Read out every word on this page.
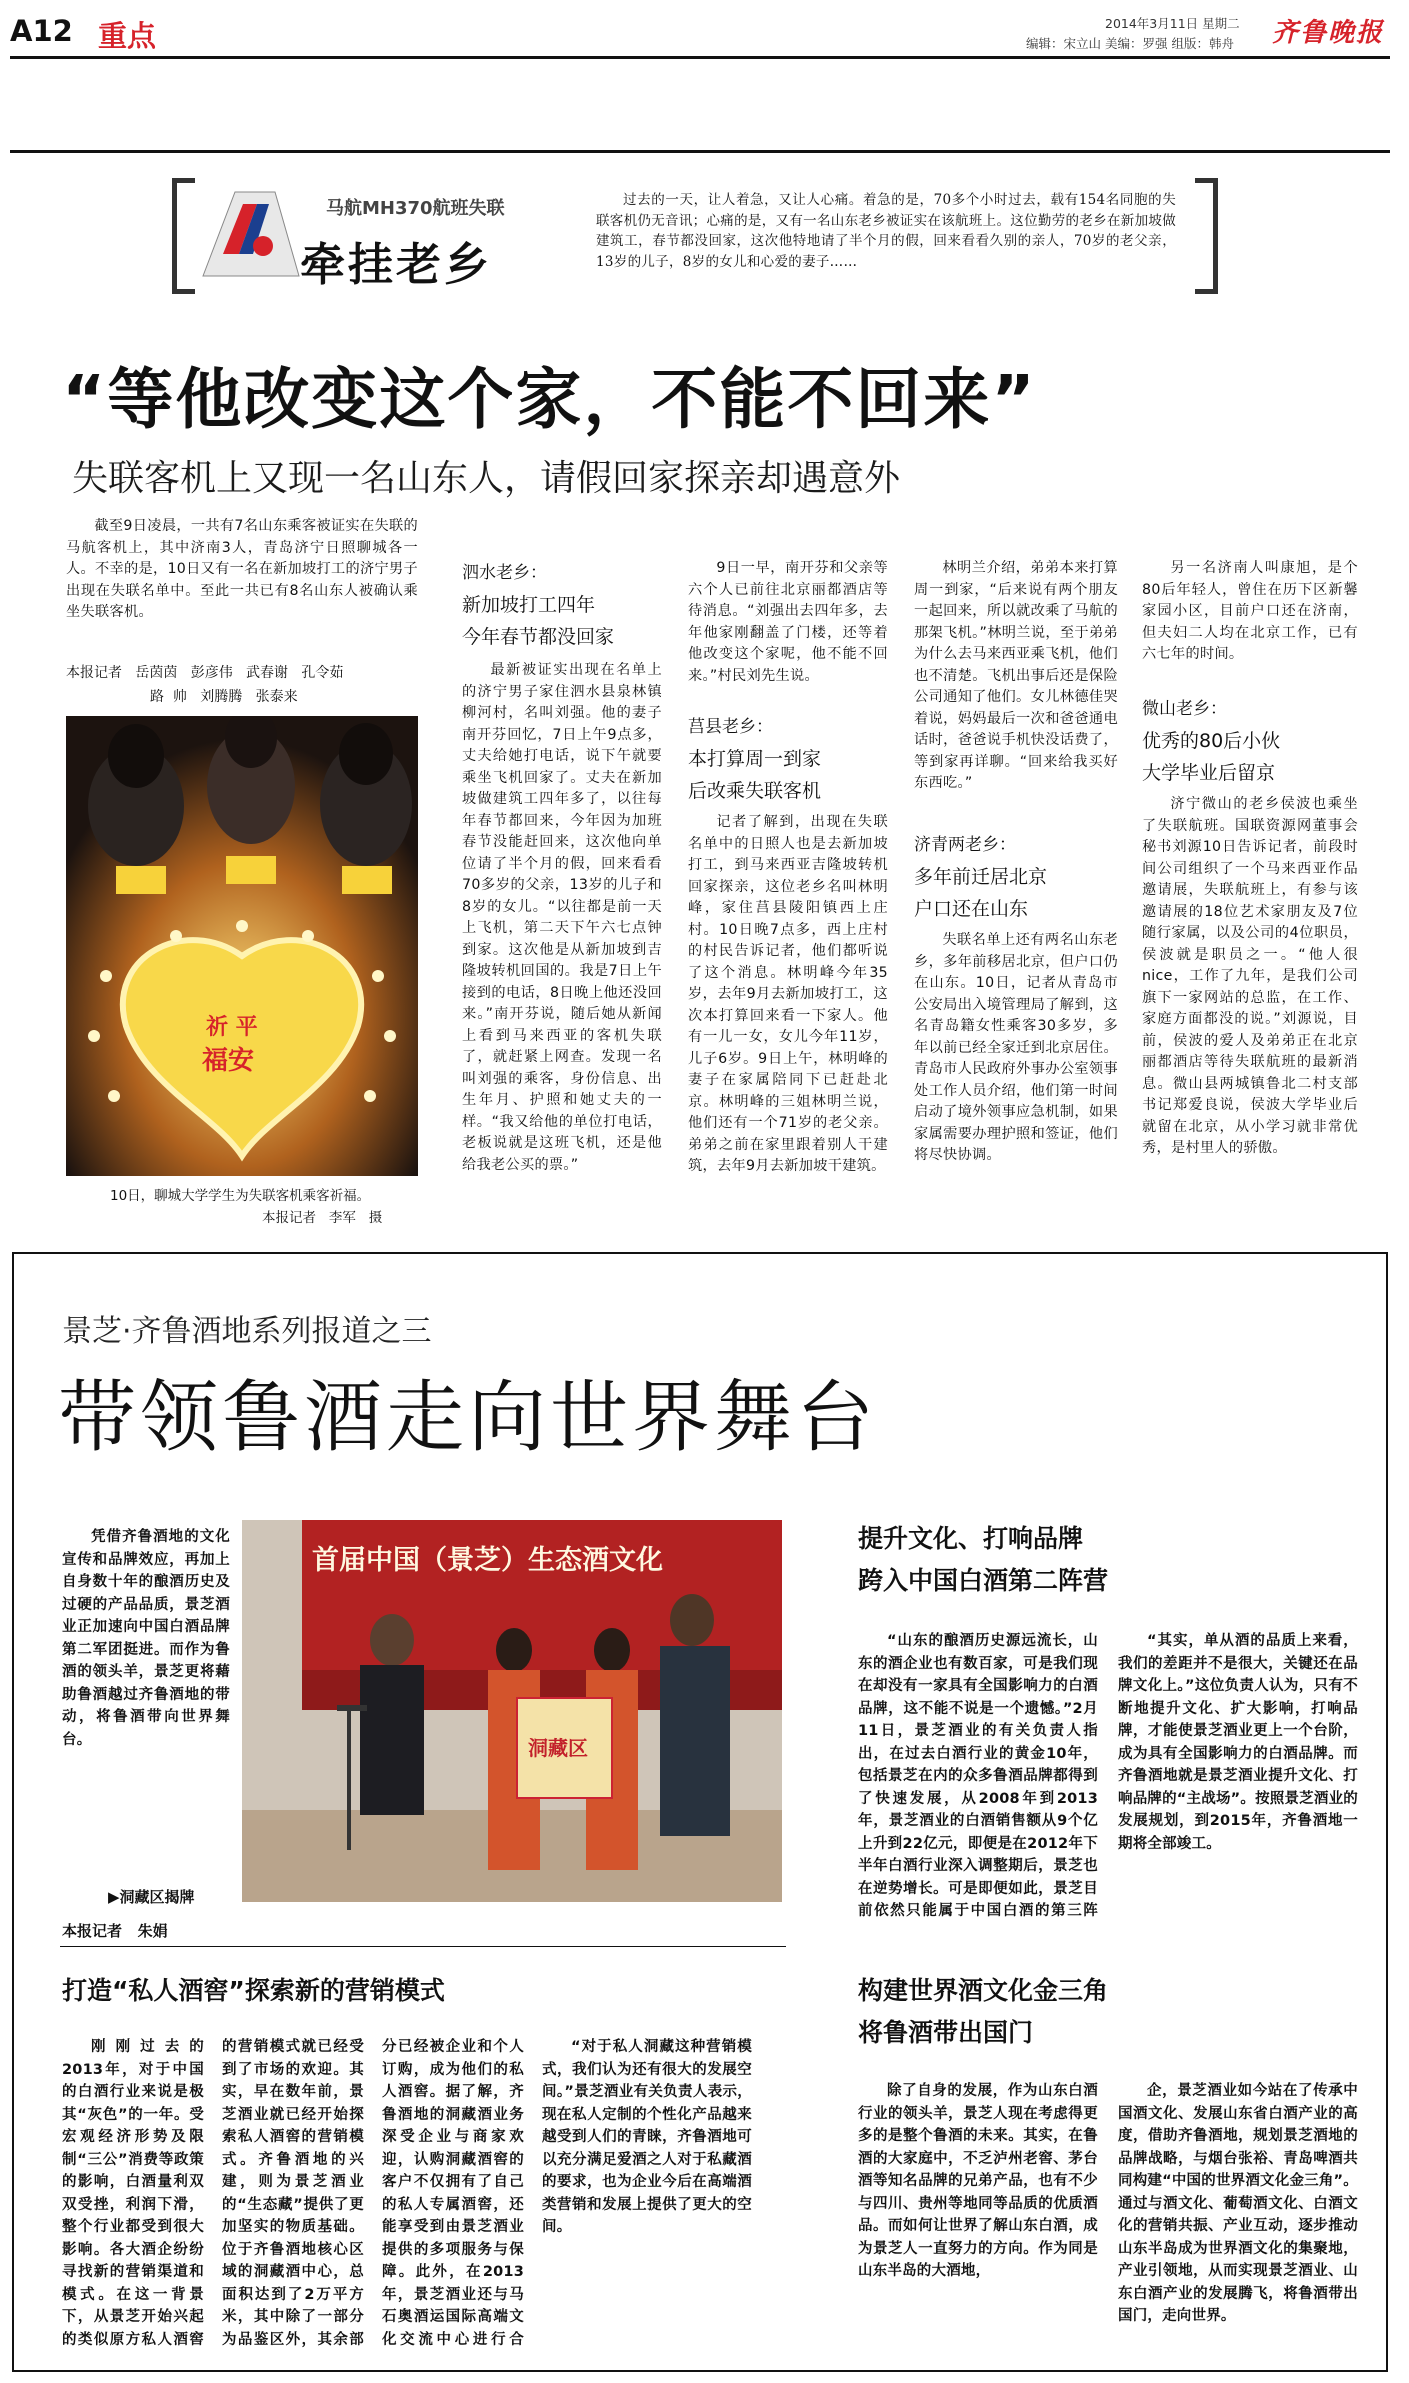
A12 重点	2014年3月11日 星期二
编辑：宋立山 美编：罗强 组版：韩舟 齐鲁晚报
马航MH370航班失联
牵挂老乡
过去的一天，让人着急，又让人心痛。着急的是，70多个小时过去，载有154名同胞的失联客机仍无音讯；心痛的是，又有一名山东老乡被证实在该航班上。这位勤劳的老乡在新加坡做建筑工，春节都没回家，这次他特地请了半个月的假，回来看看久别的亲人，70岁的老父亲，13岁的儿子，8岁的女儿和心爱的妻子……
“等他改变这个家，不能不回来”
失联客机上又现一名山东人，请假回家探亲却遇意外

截至9日凌晨，一共有7名山东乘客被证实在失联的马航客机上，其中济南3人，青岛济宁日照聊城各一人。不幸的是，10日又有一名在新加坡打工的济宁男子出现在失联名单中。至此一共已有8名山东人被确认乘坐失联客机。

本报记者   岳茵茵   彭彦伟   武春谢   孔令茹
路  帅   刘腾腾   张泰来
祈 平
福安
10日，聊城大学学生为失联客机乘客祈福。
本报记者   李军   摄
泗水老乡：
新加坡打工四年
今年春节都没回家

最新被证实出现在名单上的济宁男子家住泗水县泉林镇柳河村，名叫刘强。他的妻子南开芬回忆，7日上午9点多，丈夫给她打电话，说下午就要乘坐飞机回家了。丈夫在新加坡做建筑工四年多了，以往每年春节都回来，今年因为加班春节没能赶回来，这次他向单位请了半个月的假，回来看看70多岁的父亲，13岁的儿子和8岁的女儿。“以往都是前一天上飞机，第二天下午六七点钟到家。这次他是从新加坡到吉隆坡转机回国的。我是7日上午接到的电话，8日晚上他还没回来。”南开芬说，随后她从新闻上看到马来西亚的客机失联了，就赶紧上网查。发现一名叫刘强的乘客，身份信息、出生年月、护照和她丈夫的一样。“我又给他的单位打电话，老板说就是这班飞机，还是他给我老公买的票。”

9日一早，南开芬和父亲等六个人已前往北京丽都酒店等待消息。“刘强出去四年多，去年他家刚翻盖了门楼，还等着他改变这个家呢，他不能不回来。”村民刘先生说。

莒县老乡：
本打算周一到家
后改乘失联客机

记者了解到，出现在失联名单中的日照人也是去新加坡打工，到马来西亚吉隆坡转机回家探亲，这位老乡名叫林明峰，家住莒县陵阳镇西上庄村。10日晚7点多，西上庄村的村民告诉记者，他们都听说了这个消息。林明峰今年35岁，去年9月去新加坡打工，这次本打算回来看一下家人。他有一儿一女，女儿今年11岁，儿子6岁。9日上午，林明峰的妻子在家属陪同下已赶赴北京。林明峰的三姐林明兰说，他们还有一个71岁的老父亲。弟弟之前在家里跟着别人干建筑，去年9月去新加坡干建筑。

林明兰介绍，弟弟本来打算周一到家，“后来说有两个朋友一起回来，所以就改乘了马航的那架飞机。”林明兰说，至于弟弟为什么去马来西亚乘飞机，他们也不清楚。飞机出事后还是保险公司通知了他们。女儿林德佳哭着说，妈妈最后一次和爸爸通电话时，爸爸说手机快没话费了，等到家再详聊。“回来给我买好东西吃。”

济青两老乡：
多年前迁居北京
户口还在山东

失联名单上还有两名山东老乡，多年前移居北京，但户口仍在山东。10日，记者从青岛市公安局出入境管理局了解到，这名青岛籍女性乘客30多岁，多年以前已经全家迁到北京居住。青岛市人民政府外事办公室领事处工作人员介绍，他们第一时间启动了境外领事应急机制，如果家属需要办理护照和签证，他们将尽快协调。

另一名济南人叫康旭，是个80后年轻人，曾住在历下区新馨家园小区，目前户口还在济南，但夫妇二人均在北京工作，已有六七年的时间。

微山老乡：
优秀的80后小伙
大学毕业后留京

济宁微山的老乡侯波也乘坐了失联航班。国联资源网董事会秘书刘源10日告诉记者，前段时间公司组织了一个马来西亚作品邀请展，失联航班上，有参与该邀请展的18位艺术家朋友及7位随行家属，以及公司的4位职员，侯波就是职员之一。“他人很nice，工作了九年，是我们公司旗下一家网站的总监，在工作、家庭方面都没的说。”刘源说，目前，侯波的爱人及弟弟正在北京丽都酒店等待失联航班的最新消息。微山县两城镇鲁北二村支部书记郑爱良说，侯波大学毕业后就留在北京，从小学习就非常优秀，是村里人的骄傲。

景芝·齐鲁酒地系列报道之三
带领鲁酒走向世界舞台

凭借齐鲁酒地的文化宣传和品牌效应，再加上自身数十年的酿酒历史及过硬的产品品质，景芝酒业正加速向中国白酒品牌第二军团挺进。而作为鲁酒的领头羊，景芝更将藉助鲁酒越过齐鲁酒地的带动，将鲁酒带向世界舞台。

▶洞藏区揭牌
首届中国（景芝）生态酒文化
洞藏区
本报记者   朱娟
提升文化、打响品牌
跨入中国白酒第二阵营

“山东的酿酒历史源远流长，山东的酒企业也有数百家，可是我们现在却没有一家具有全国影响力的白酒品牌，这不能不说是一个遗憾。”2月11日，景芝酒业的有关负责人指出，在过去白酒行业的黄金10年，包括景芝在内的众多鲁酒品牌都得到了快速发展，从2008年到2013年，景芝酒业的白酒销售额从9个亿上升到22亿元，即便是在2012年下半年白酒行业深入调整期后，景芝也在逆势增长。可是即便如此，景芝目前依然只能属于中国白酒的第三阵

“其实，单从酒的品质上来看，我们的差距并不是很大，关键还在品牌文化上。”这位负责人认为，只有不断地提升文化、扩大影响，打响品牌，才能使景芝酒业更上一个台阶，成为具有全国影响力的白酒品牌。而齐鲁酒地就是景芝酒业提升文化、打响品牌的“主战场”。按照景芝酒业的发展规划，到2015年，齐鲁酒地一期将全部竣工。

打造“私人酒窖”探索新的营销模式

刚刚过去的2013年，对于中国的白酒行业来说是极其“灰色”的一年。受宏观经济形势及限制“三公”消费等政策的影响，白酒量利双双受挫，利润下滑，整个行业都受到很大影响。各大酒企纷纷寻找新的营销渠道和模式。在这一背景下，从景芝开始兴起的类似原方私人酒窖的营销模式就已经受到了市场的欢迎。其实，早在数年前，景芝酒业就已经开始探索私人酒窖的营销模式。齐鲁酒地的兴建，则为景芝酒业的“生态藏”提供了更加坚实的物质基础。位于齐鲁酒地核心区域的洞藏酒中心，总面积达到了2万平方米，其中除了一部分为品鉴区外，其余部分已经被企业和个人订购，成为他们的私人酒窖。据了解，齐鲁酒地的洞藏酒业务深受企业与商家欢迎，认购洞藏酒窖的客户不仅拥有了自己的私人专属酒窖，还能享受到由景芝酒业提供的多项服务与保障。此外，在2013年，景芝酒业还与马石奥酒运国际高端文化交流中心进行合

“对于私人洞藏这种营销模式，我们认为还有很大的发展空间。”景芝酒业有关负责人表示，现在私人定制的个性化产品越来越受到人们的青睐，齐鲁酒地可以充分满足爱酒之人对于私藏酒的要求，也为企业今后在高端酒类营销和发展上提供了更大的空间。

构建世界酒文化金三角
将鲁酒带出国门

除了自身的发展，作为山东白酒行业的领头羊，景芝人现在考虑得更多的是整个鲁酒的未来。其实，在鲁酒的大家庭中，不乏泸州老窖、茅台酒等知名品牌的兄弟产品，也有不少与四川、贵州等地同等品质的优质酒品。而如何让世界了解山东白酒，成为景芝人一直努力的方向。作为同是山东半岛的大酒地，

企，景芝酒业如今站在了传承中国酒文化、发展山东省白酒产业的高度，借助齐鲁酒地，规划景芝酒地的品牌战略，与烟台张裕、青岛啤酒共同构建“中国的世界酒文化金三角”。通过与酒文化、葡萄酒文化、白酒文化的营销共振、产业互动，逐步推动山东半岛成为世界酒文化的集聚地，产业引领地，从而实现景芝酒业、山东白酒产业的发展腾飞，将鲁酒带出国门，走向世界。
